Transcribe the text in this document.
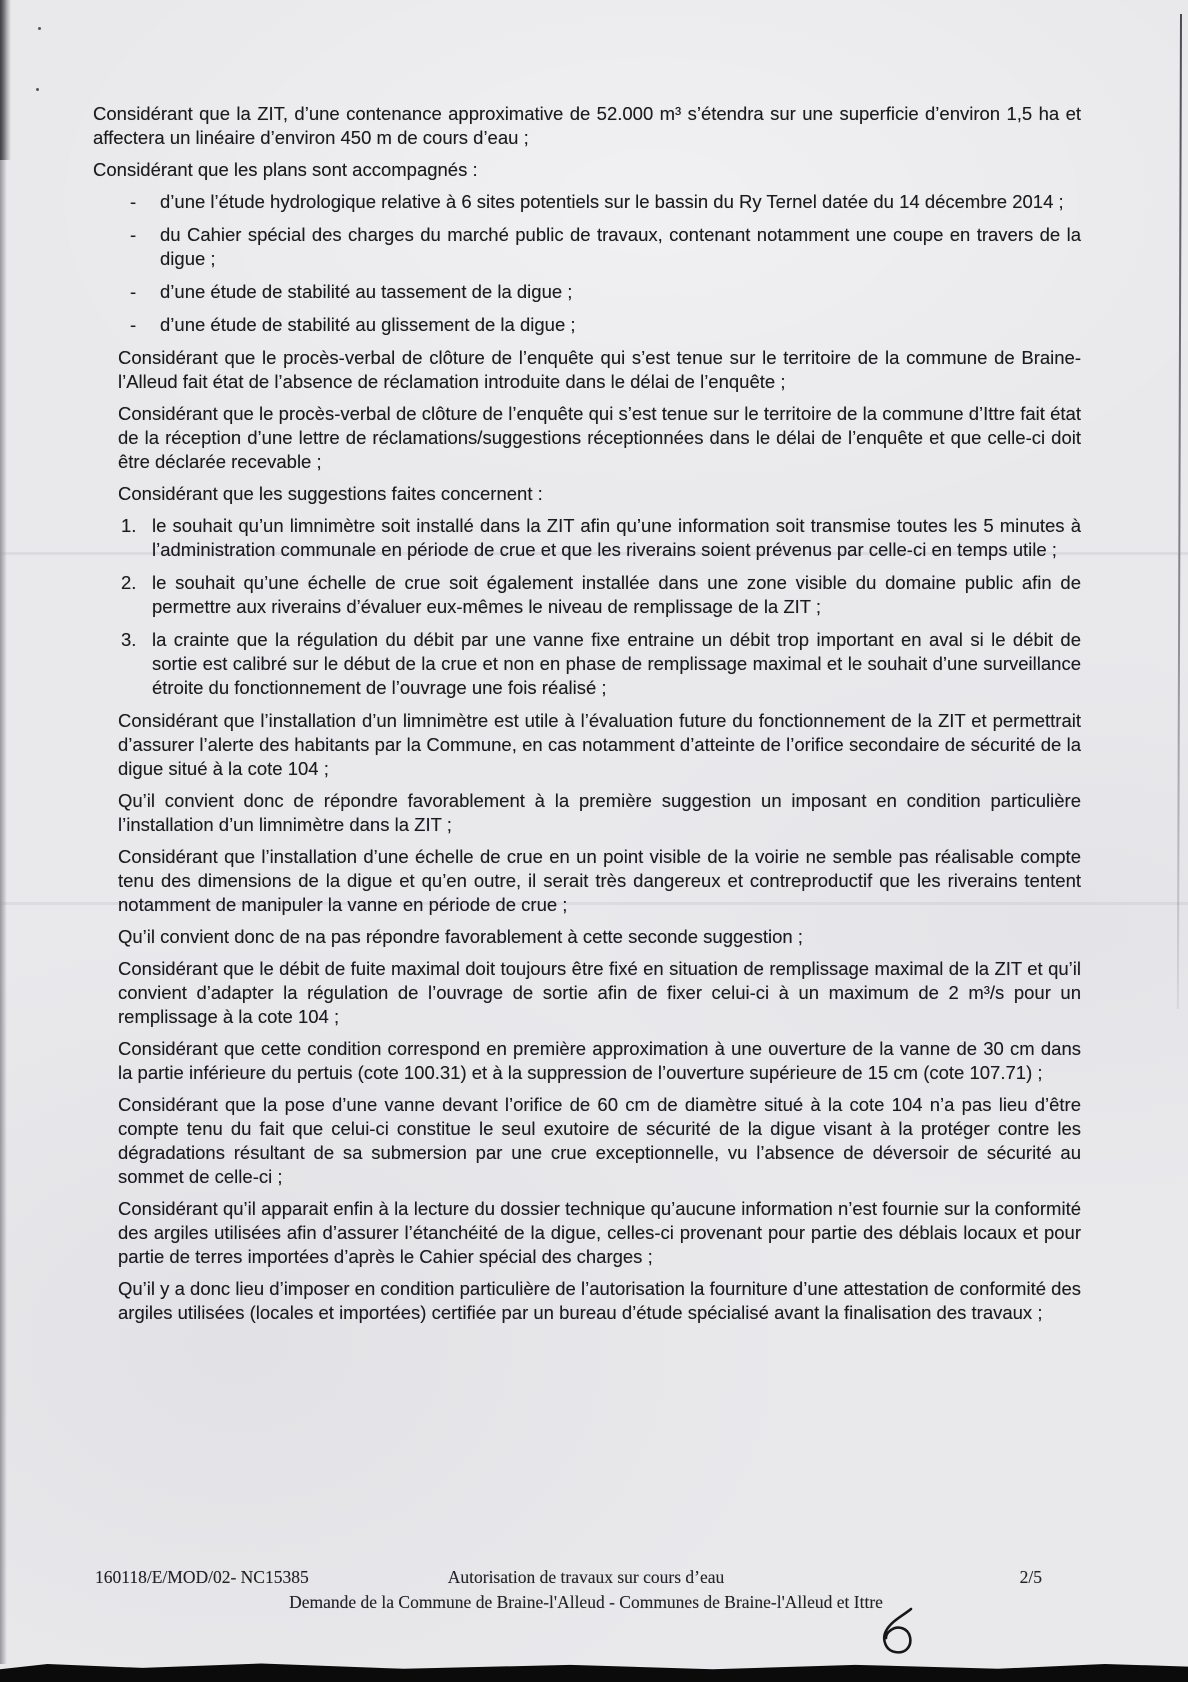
Considérant que la ZIT, d’une contenance approximative de 52.000 m³ s’étendra sur une superficie d’environ 1,5 ha et affectera un linéaire d’environ 450 m de cours d’eau ;
Considérant que les plans sont accompagnés :
-	d’une l’étude hydrologique relative à 6 sites potentiels sur le bassin du Ry Ternel datée du 14 décembre 2014 ;
-	du Cahier spécial des charges du marché public de travaux, contenant notamment une coupe en travers de la digue ;
-	d’une étude de stabilité au tassement de la digue ;
-	d’une étude de stabilité au glissement de la digue ;
Considérant que le procès-verbal de clôture de l’enquête qui s’est tenue sur le territoire de la commune de Braine-l’Alleud fait état de l’absence de réclamation introduite dans le délai de l’enquête ;
Considérant que le procès-verbal de clôture de l’enquête qui s’est tenue sur le territoire de la commune d’Ittre fait état de la réception d’une lettre de réclamations/suggestions réceptionnées dans le délai de l’enquête et que celle-ci doit être déclarée recevable ;
Considérant que les suggestions faites concernent :
1. le souhait qu’un limnimètre soit installé dans la ZIT afin qu’une information soit transmise toutes les 5 minutes à l’administration communale en période de crue et que les riverains soient prévenus par celle-ci en temps utile ;
2. le souhait qu’une échelle de crue soit également installée dans une zone visible du domaine public afin de permettre aux riverains d’évaluer eux-mêmes le niveau de remplissage de la ZIT ;
3. la crainte que la régulation du débit par une vanne fixe entraine un débit trop important en aval si le débit de sortie est calibré sur le début de la crue et non en phase de remplissage maximal et le souhait d’une surveillance étroite du fonctionnement de l’ouvrage une fois réalisé ;
Considérant que l’installation d’un limnimètre est utile à l’évaluation future du fonctionnement de la ZIT et permettrait d’assurer l’alerte des habitants par la Commune, en cas notamment d’atteinte de l’orifice secondaire de sécurité de la digue situé à la cote 104 ;
Qu’il convient donc de répondre favorablement à la première suggestion un imposant en condition particulière l’installation d’un limnimètre dans la ZIT ;
Considérant que l’installation d’une échelle de crue en un point visible de la voirie ne semble pas réalisable compte tenu des dimensions de la digue et qu’en outre, il serait très dangereux et contreproductif que les riverains tentent notamment de manipuler la vanne en période de crue ;
Qu’il convient donc de na pas répondre favorablement à cette seconde suggestion ;
Considérant que le débit de fuite maximal doit toujours être fixé en situation de remplissage maximal de la ZIT et qu’il convient d’adapter la régulation de l’ouvrage de sortie afin de fixer celui-ci à un maximum de 2 m³/s pour un remplissage à la cote 104 ;
Considérant que cette condition correspond en première approximation à une ouverture de la vanne de 30 cm dans la partie inférieure du pertuis (cote 100.31) et à la suppression de l’ouverture supérieure de 15 cm (cote 107.71) ;
Considérant que la pose d’une vanne devant l’orifice de 60 cm de diamètre situé à la cote 104 n’a pas lieu d’être compte tenu du fait que celui-ci constitue le seul exutoire de sécurité de la digue visant à la protéger contre les dégradations résultant de sa submersion par une crue exceptionnelle, vu l’absence de déversoir de sécurité au sommet de celle-ci ;
Considérant qu’il apparait enfin à la lecture du dossier technique qu’aucune information n’est fournie sur la conformité des argiles utilisées afin d’assurer l’étanchéité de la digue, celles-ci provenant pour partie des déblais locaux et pour partie de terres importées d’après le Cahier spécial des charges ;
Qu’il y a donc lieu d’imposer en condition particulière de l’autorisation la fourniture d’une attestation de conformité des argiles utilisées (locales et importées) certifiée par un bureau d’étude spécialisé avant la finalisation des travaux ;
160118/E/MOD/02- NC15385	Autorisation de travaux sur cours d’eau	2/5
Demande de la Commune de Braine-l'Alleud - Communes de Braine-l'Alleud et Ittre
